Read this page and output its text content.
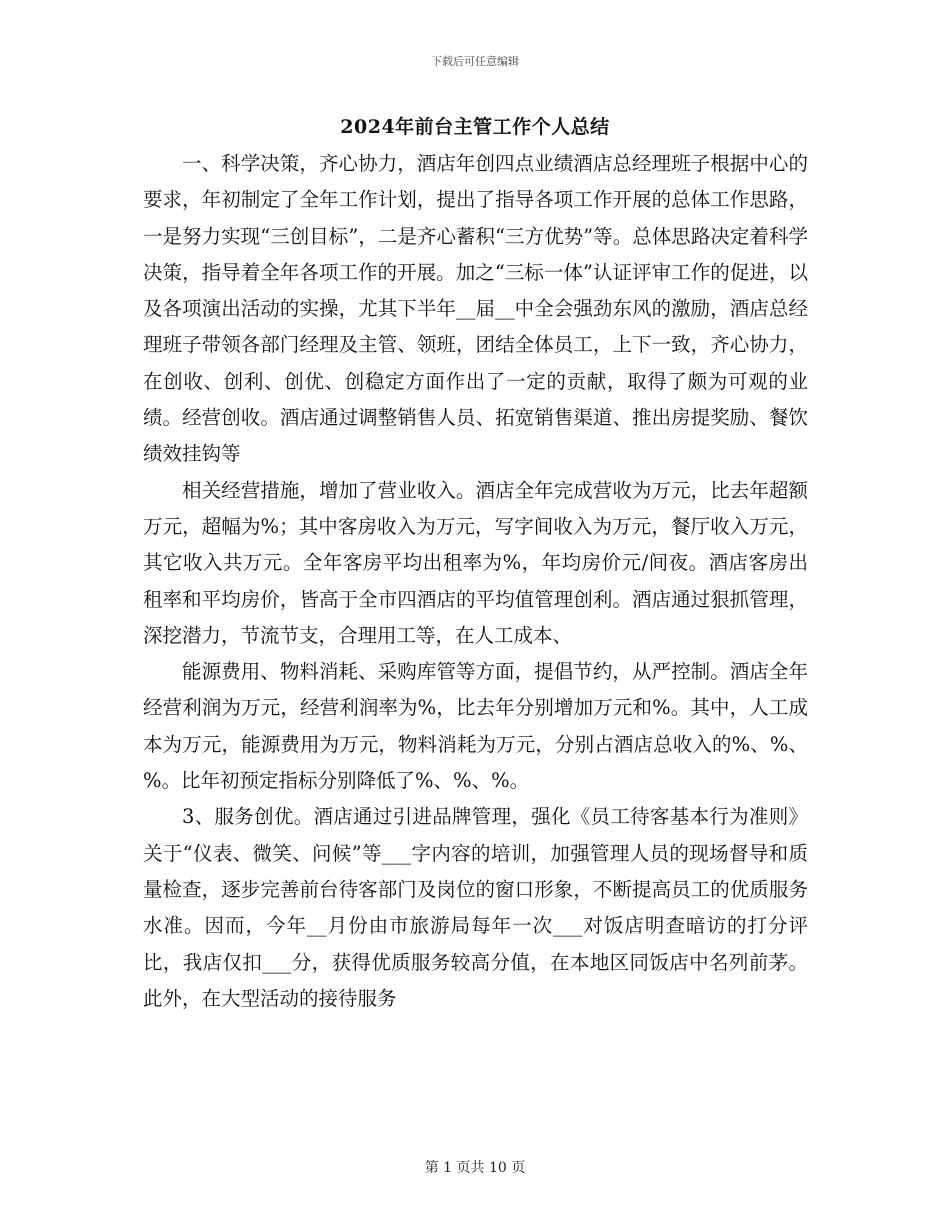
下载后可任意编辑
2024年前台主管工作个人总结

一、科学决策，齐心协力，酒店年创四点业绩酒店总经理班子根据中心的要求，年初制定了全年工作计划，提出了指导各项工作开展的总体工作思路，一是努力实现“三创目标”，二是齐心蓄积“三方优势”等。总体思路决定着科学决策，指导着全年各项工作的开展。加之“三标一体”认证评审工作的促进，以及各项演出活动的实操，尤其下半年__届__中全会强劲东风的激励，酒店总经理班子带领各部门经理及主管、领班，团结全体员工，上下一致，齐心协力，在创收、创利、创优、创稳定方面作出了一定的贡献，取得了颇为可观的业绩。经营创收。酒店通过调整销售人员、拓宽销售渠道、推出房提奖励、餐饮绩效挂钩等

相关经营措施，增加了营业收入。酒店全年完成营收为万元，比去年超额万元，超幅为%；其中客房收入为万元，写字间收入为万元，餐厅收入万元，其它收入共万元。全年客房平均出租率为%，年均房价元/间夜。酒店客房出租率和平均房价，皆高于全市四酒店的平均值管理创利。酒店通过狠抓管理，深挖潜力，节流节支，合理用工等，在人工成本、

能源费用、物料消耗、采购库管等方面，提倡节约，从严控制。酒店全年经营利润为万元，经营利润率为%，比去年分别增加万元和%。其中，人工成本为万元，能源费用为万元，物料消耗为万元，分别占酒店总收入的%、%、%。比年初预定指标分别降低了%、%、%。

3、服务创优。酒店通过引进品牌管理，强化《员工待客基本行为准则》关于“仪表、微笑、问候”等___字内容的培训，加强管理人员的现场督导和质量检查，逐步完善前台待客部门及岗位的窗口形象，不断提高员工的优质服务水准。因而，今年__月份由市旅游局每年一次___对饭店明查暗访的打分评比，我店仅扣___分，获得优质服务较高分值，在本地区同饭店中名列前茅。此外，在大型活动的接待服务

第 1 页共 10 页
